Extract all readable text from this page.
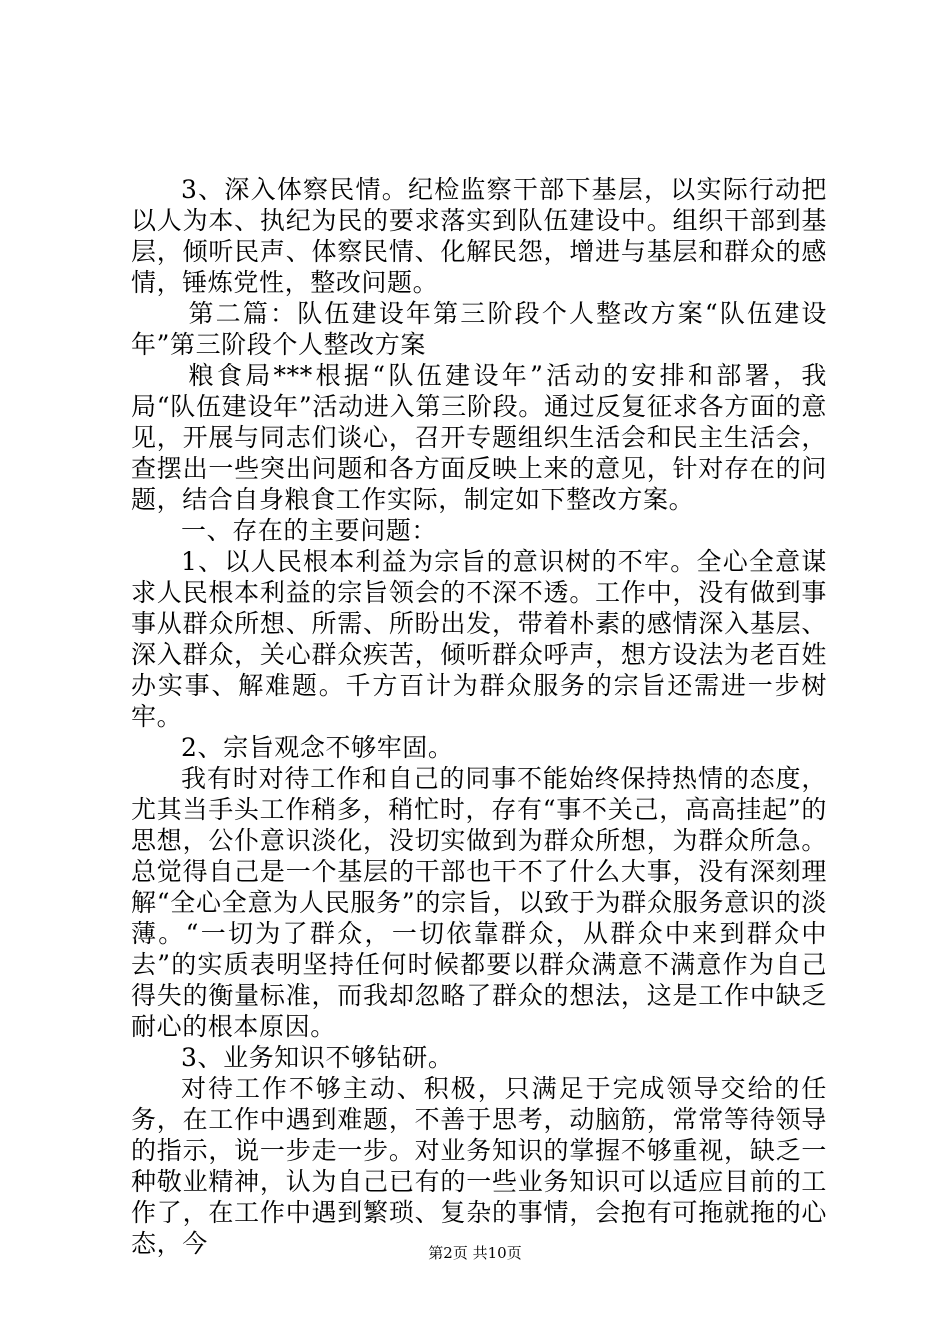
3、深入体察民情。纪检监察干部下基层，以实际行动把以人为本、执纪为民的要求落实到队伍建设中。组织干部到基层，倾听民声、体察民情、化解民怨，增进与基层和群众的感情，锤炼党性，整改问题。

第二篇：队伍建设年第三阶段个人整改方案“队伍建设年”第三阶段个人整改方案

粮食局***根据“队伍建设年”活动的安排和部署，我局“队伍建设年”活动进入第三阶段。通过反复征求各方面的意见，开展与同志们谈心，召开专题组织生活会和民主生活会，查摆出一些突出问题和各方面反映上来的意见，针对存在的问题，结合自身粮食工作实际，制定如下整改方案。

一、存在的主要问题：

1、以人民根本利益为宗旨的意识树的不牢。全心全意谋求人民根本利益的宗旨领会的不深不透。工作中，没有做到事事从群众所想、所需、所盼出发，带着朴素的感情深入基层、深入群众，关心群众疾苦，倾听群众呼声，想方设法为老百姓办实事、解难题。千方百计为群众服务的宗旨还需进一步树牢。

2、宗旨观念不够牢固。

我有时对待工作和自己的同事不能始终保持热情的态度，尤其当手头工作稍多，稍忙时，存有“事不关己，高高挂起”的思想，公仆意识淡化，没切实做到为群众所想，为群众所急。总觉得自己是一个基层的干部也干不了什么大事，没有深刻理解“全心全意为人民服务”的宗旨，以致于为群众服务意识的淡薄。“一切为了群众，一切依靠群众，从群众中来到群众中去”的实质表明坚持任何时候都要以群众满意不满意作为自己得失的衡量标准，而我却忽略了群众的想法，这是工作中缺乏耐心的根本原因。

3、业务知识不够钻研。

对待工作不够主动、积极，只满足于完成领导交给的任务，在工作中遇到难题，不善于思考，动脑筋，常常等待领导的指示，说一步走一步。对业务知识的掌握不够重视，缺乏一种敬业精神，认为自己已有的一些业务知识可以适应目前的工作了，在工作中遇到繁琐、复杂的事情，会抱有可拖就拖的心态，今	第2页 共10页
